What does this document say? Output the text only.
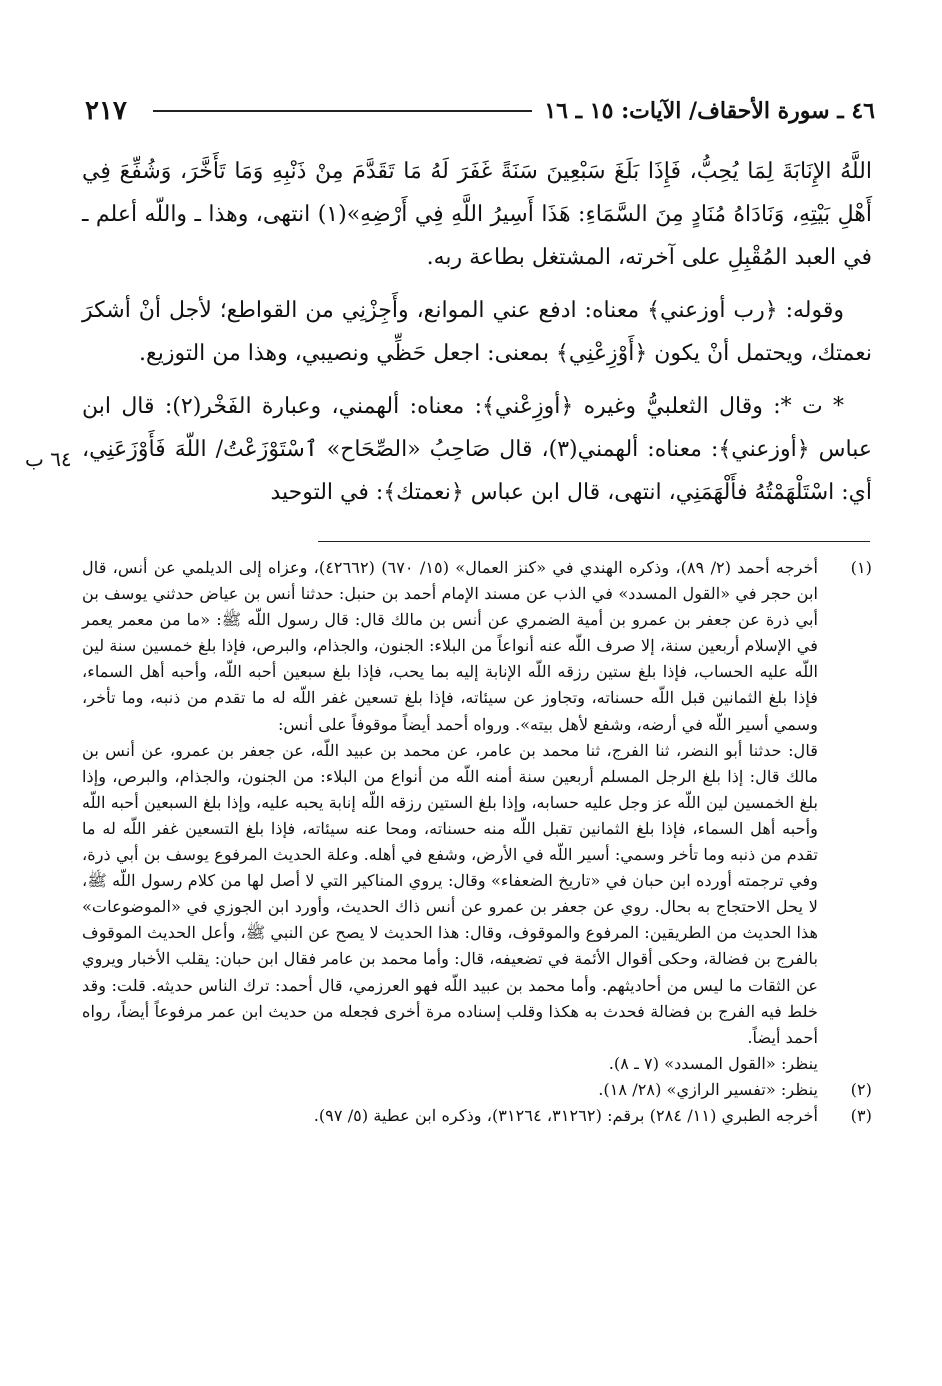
٢١٧	٤٦ ـ سورة الأحقاف/ الآيات: ١٥ ـ ١٦

اللَّهُ الإِنَابَةَ لِمَا يُحِبُّ، فَإِذَا بَلَغَ سَبْعِينَ سَنَةً غَفَرَ لَهُ مَا تَقَدَّمَ مِنْ ذَنْبِهِ وَمَا تَأَخَّرَ، وَشُفِّعَ فِي أَهْلِ بَيْتِهِ، وَنَادَاهُ مُنَادٍ مِنَ السَّمَاءِ: هَذَا أَسِيرُ اللَّهِ فِي أَرْضِهِ»(١) انتهى، وهذا ـ واللّه أعلم ـ في العبد المُقْبِلِ على آخرته، المشتغل بطاعة ربه.

وقوله: ﴿رب أوزعني﴾ معناه: ادفع عني الموانع، وأَجِزْنِي من القواطع؛ لأجل أنْ أشكرَ نعمتك، ويحتمل أنْ يكون ﴿أَوْزِعْنِي﴾ بمعنى: اجعل حَظِّي ونصيبي، وهذا من التوزيع.

* ت *: وقال الثعلبيُّ وغيره ﴿أوزِعْني﴾: معناه: ألهمني، وعبارة الفَخْر(٢): قال ابن عباس ﴿أوزعني﴾: معناه: ألهمني(٣)، قال صَاحِبُ «الصِّحَاح» ٱسْتَوْزَعْتُ/ اللّهَ فَأَوْزَعَنِي، أي: اسْتَلْهَمْتُهُ فأَلْهَمَنِي، انتهى، قال ابن عباس ﴿نعمتك﴾: في التوحيد

٦٤ ب
(١)
أخرجه أحمد (٢/ ٨٩)، وذكره الهندي في «كنز العمال» (١٥/ ٦٧٠) (٤٢٦٦٢)، وعزاه إلى الديلمي عن أنس، قال ابن حجر في «القول المسدد» في الذب عن مسند الإمام أحمد بن حنبل: حدثنا أنس بن عياض حدثني يوسف بن أبي ذرة عن جعفر بن عمرو بن أمية الضمري عن أنس بن مالك قال: قال رسول اللّه ﷺ: «ما من معمر يعمر في الإسلام أربعين سنة، إلا صرف اللّه عنه أنواعاً من البلاء: الجنون، والجذام، والبرص، فإذا بلغ خمسين سنة لين اللّه عليه الحساب، فإذا بلغ ستين رزقه اللّه الإنابة إليه بما يحب، فإذا بلغ سبعين أحبه اللّه، وأحبه أهل السماء، فإذا بلغ الثمانين قبل اللّه حسناته، وتجاوز عن سيئاته، فإذا بلغ تسعين غفر اللّه له ما تقدم من ذنبه، وما تأخر، وسمي أسير اللّه في أرضه، وشفع لأهل بيته». ورواه أحمد أيضاً موقوفاً على أنس:
قال: حدثنا أبو النضر، ثنا الفرج، ثنا محمد بن عامر، عن محمد بن عبيد اللّه، عن جعفر بن عمرو، عن أنس بن مالك قال: إذا بلغ الرجل المسلم أربعين سنة أمنه اللّه من أنواع من البلاء: من الجنون، والجذام، والبرص، وإذا بلغ الخمسين لين اللّه عز وجل عليه حسابه، وإذا بلغ الستين رزقه اللّه إنابة يحبه عليه، وإذا بلغ السبعين أحبه اللّه وأحبه أهل السماء، فإذا بلغ الثمانين تقبل اللّه منه حسناته، ومحا عنه سيئاته، فإذا بلغ التسعين غفر اللّه له ما تقدم من ذنبه وما تأخر وسمي: أسير اللّه في الأرض، وشفع في أهله. وعلة الحديث المرفوع يوسف بن أبي ذرة، وفي ترجمته أورده ابن حبان في «تاريخ الضعفاء» وقال: يروي المناكير التي لا أصل لها من كلام رسول اللّه ﷺ، لا يحل الاحتجاج به بحال. روي عن جعفر بن عمرو عن أنس ذاك الحديث، وأورد ابن الجوزي في «الموضوعات» هذا الحديث من الطريقين: المرفوع والموقوف، وقال: هذا الحديث لا يصح عن النبي ﷺ، وأعل الحديث الموقوف بالفرج بن فضالة، وحكى أقوال الأئمة في تضعيفه، قال: وأما محمد بن عامر فقال ابن حبان: يقلب الأخبار ويروي عن الثقات ما ليس من أحاديثهم. وأما محمد بن عبيد اللّه فهو العرزمي، قال أحمد: ترك الناس حديثه. قلت: وقد خلط فيه الفرج بن فضالة فحدث به هكذا وقلب إسناده مرة أخرى فجعله من حديث ابن عمر مرفوعاً أيضاً، رواه أحمد أيضاً.
ينظر: «القول المسدد» (٧ ـ ٨).
(٢)
ينظر: «تفسير الرازي» (٢٨/ ١٨).
(٣)
أخرجه الطبري (١١/ ٢٨٤) برقم: (٣١٢٦٢، ٣١٢٦٤)، وذكره ابن عطية (٥/ ٩٧).
